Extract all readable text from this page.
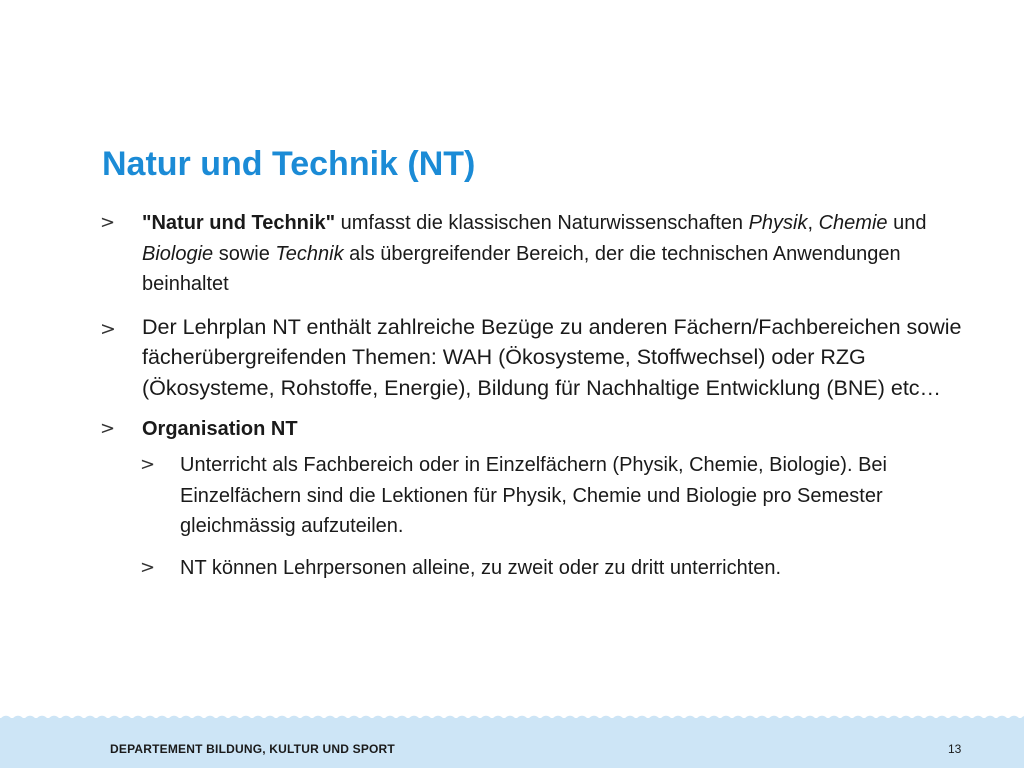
Natur und Technik (NT)
>	"Natur und Technik" umfasst die klassischen Naturwissenschaften Physik, Chemie und Biologie sowie Technik als übergreifender Bereich, der die technischen Anwendungen beinhaltet
>	Der Lehrplan NT enthält zahlreiche Bezüge zu anderen Fächern/Fachbereichen sowie fächerübergreifenden Themen: WAH (Ökosysteme, Stoffwechsel) oder RZG (Ökosysteme, Rohstoffe, Energie), Bildung für Nachhaltige Entwicklung (BNE) etc…
>	Organisation NT
>	Unterricht als Fachbereich oder in Einzelfächern (Physik, Chemie, Biologie). Bei Einzelfächern sind die Lektionen für Physik, Chemie und Biologie pro Semester gleichmässig aufzuteilen.
>	NT können Lehrpersonen alleine, zu zweit oder zu dritt unterrichten.
DEPARTEMENT BILDUNG, KULTUR UND SPORT	13
